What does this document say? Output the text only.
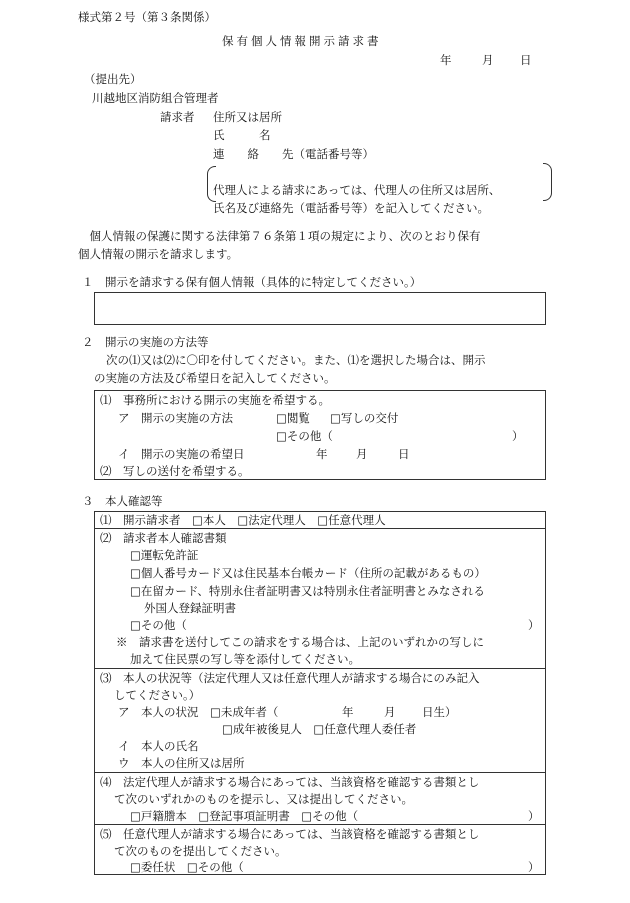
様式第２号（第３条関係）
保有個人情報開示請求書
年	月 日
（提出先）
川越地区消防組合管理者
請求者 住所又は居所
氏　　　名
連　　絡　　先（電話番号等）
代理人による請求にあっては、代理人の住所又は居所、
氏名及び連絡先（電話番号等）を記入してください。
　個人情報の保護に関する法律第７６条第１項の規定により、次のとおり保有
個人情報の開示を請求します。
１　開示を請求する保有個人情報（具体的に特定してください。）
２　開示の実施の方法等
次の⑴又は⑵に〇印を付してください。また、⑴を選択した場合は、開示
の実施の方法及び希望日を記入してください。
⑴　事務所における開示の実施を希望する。
ア　開示の実施の方法	□閲覧 □写しの交付
□その他（	）
イ　開示の実施の希望日	年 月	日
⑵　写しの送付を希望する。
３　本人確認等
⑴　開示請求者　□本人　□法定代理人　□任意代理人
⑵　請求者本人確認書類
□運転免許証
□個人番号カード又は住民基本台帳カード（住所の記載があるもの）
□在留カード、特別永住者証明書又は特別永住者証明書とみなされる
外国人登録証明書
□その他（	）
※　請求書を送付してこの請求をする場合は、上記のいずれかの写しに
加えて住民票の写し等を添付してください。
⑶　本人の状況等（法定代理人又は任意代理人が請求する場合にのみ記入
してください。）
ア　本人の状況　□未成年者（	年	月 日生）
□成年被後見人　□任意代理人委任者
イ　本人の氏名
ウ　本人の住所又は居所
⑷　法定代理人が請求する場合にあっては、当該資格を確認する書類とし
て次のいずれかのものを提示し、又は提出してください。
□戸籍謄本　□登記事項証明書　□その他（	）
⑸　任意代理人が請求する場合にあっては、当該資格を確認する書類とし
て次のものを提出してください。
□委任状　□その他（	）
